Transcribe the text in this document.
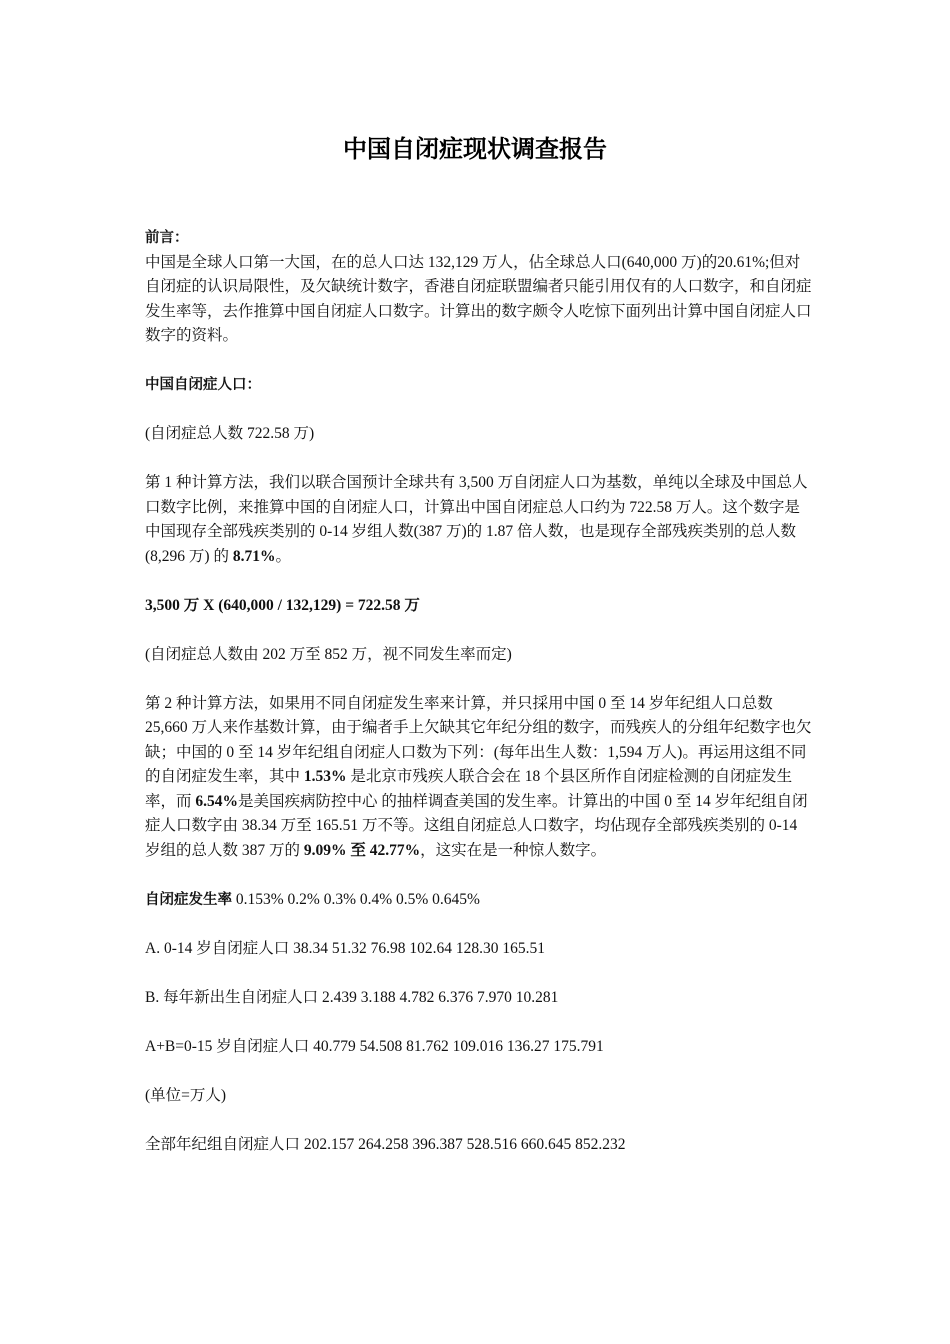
中国自闭症现状调查报告
前言：

中国是全球人口第一大国，在的总人口达 132,129 万人，佔全球总人口(640,000 万)的20.61%;但对自闭症的认识局限性，及欠缺统计数字，香港自闭症联盟编者只能引用仅有的人口数字，和自闭症发生率等，去作推算中国自闭症人口数字。计算出的数字颇令人吃惊下面列出计算中国自闭症人口数字的资料。

中国自闭症人口：

(自闭症总人数 722.58 万)

第 1 种计算方法，我们以联合国预计全球共有 3,500 万自闭症人口为基数，单纯以全球及中国总人口数字比例，来推算中国的自闭症人口，计算出中国自闭症总人口约为 722.58 万人。这个数字是中国现存全部残疾类别的 0-14 岁组人数(387 万)的 1.87 倍人数，也是现存全部残疾类别的总人数 (8,296 万) 的 8.71%。

3,500 万 X (640,000 / 132,129) = 722.58 万

(自闭症总人数由 202 万至 852 万，视不同发生率而定)

第 2 种计算方法，如果用不同自闭症发生率来计算，并只採用中国 0 至 14 岁年纪组人口总数 25,660 万人来作基数计算，由于编者手上欠缺其它年纪分组的数字，而残疾人的分组年纪数字也欠缺；中国的 0 至 14 岁年纪组自闭症人口数为下列：(每年出生人数：1,594 万人)。再运用这组不同的自闭症发生率，其中 1.53% 是北京市残疾人联合会在 18 个县区所作自闭症检测的自闭症发生率，而 6.54%是美国疾病防控中心 的抽样调查美国的发生率。计算出的中国 0 至 14 岁年纪组自闭症人口数字由 38.34 万至 165.51 万不等。这组自闭症总人口数字，均佔现存全部残疾类别的 0-14 岁组的总人数 387 万的 9.09% 至 42.77%，这实在是一种惊人数字。

自闭症发生率 0.153% 0.2% 0.3% 0.4% 0.5% 0.645%

A. 0-14 岁自闭症人口 38.34 51.32 76.98 102.64 128.30 165.51

B. 每年新出生自闭症人口 2.439 3.188 4.782 6.376 7.970 10.281

A+B=0-15 岁自闭症人口 40.779 54.508 81.762 109.016 136.27 175.791

(单位=万人)

全部年纪组自闭症人口 202.157 264.258 396.387 528.516 660.645 852.232
